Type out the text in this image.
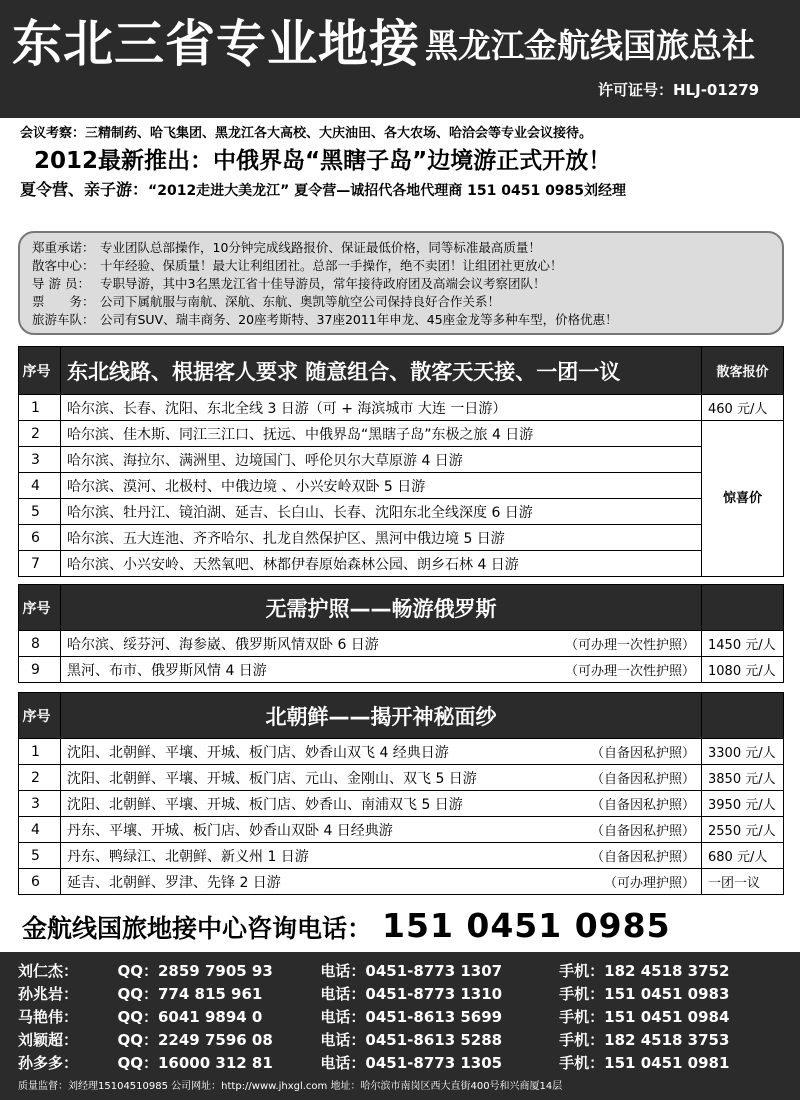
东北三省专业地接 黑龙江金航线国旅总社
许可证号：HLJ-01279
会议考察：三精制药、哈飞集团、黑龙江各大高校、大庆油田、各大农场、哈洽会等专业会议接待。
2012最新推出：中俄界岛“黑瞎子岛”边境游正式开放！
夏令营、亲子游：“2012走进大美龙江” 夏令营—诚招代各地代理商 151 0451 0985刘经理
郑重承诺： 专业团队总部操作，10分钟完成线路报价、保证最低价格，同等标准最高质量！
散客中心： 十年经验、保质量！最大让利组团社。总部一手操作，绝不卖团！让组团社更放心！
导 游 员： 专职导游，其中3名黑龙江省十佳导游员，常年接待政府团及高端会议考察团队！
票　　务： 公司下属航服与南航、深航、东航、奥凯等航空公司保持良好合作关系！
旅游车队： 公司有SUV、瑞丰商务、20座考斯特、37座2011年申龙、45座金龙等多种车型，价格优惠！
序号	东北线路、根据客人要求 随意组合、散客天天接、一团一议	散客报价
1	哈尔滨、长春、沈阳、东北全线 3 日游（可 + 海滨城市 大连 一日游）	460 元/人
2	哈尔滨、佳木斯、同江三江口、抚远、中俄界岛“黑瞎子岛”东极之旅 4 日游	惊喜价
3	哈尔滨、海拉尔、满洲里、边境国门、呼伦贝尔大草原游 4 日游	
4	哈尔滨、漠河、北极村、中俄边境 、小兴安岭双卧 5 日游	
5	哈尔滨、牡丹江、镜泊湖、延吉、长白山、长春、沈阳东北全线深度 6 日游	
6	哈尔滨、五大连池、齐齐哈尔、扎龙自然保护区、黑河中俄边境 5 日游	
7	哈尔滨、小兴安岭、天然氧吧、林都伊春原始森林公园、朗乡石林 4 日游	
序号	无需护照——畅游俄罗斯	
8	哈尔滨、绥芬河、海参崴、俄罗斯风情双卧 6 日游 （可办理一次性护照）	1450 元/人
9	黑河、布市、俄罗斯风情 4 日游 （可办理一次性护照）	1080 元/人
序号	北朝鲜——揭开神秘面纱	
1	沈阳、北朝鲜、平壤、开城、板门店、妙香山双飞 4 经典日游 （自备因私护照）	3300 元/人
2	沈阳、北朝鲜、平壤、开城、板门店、元山、金刚山、双飞 5 日游 （自备因私护照）	3850 元/人
3	沈阳、北朝鲜、平壤、开城、板门店、妙香山、南浦双飞 5 日游 （自备因私护照）	3950 元/人
4	丹东、平壤、开城、板门店、妙香山双卧 4 日经典游 （自备因私护照）	2550 元/人
5	丹东、鸭绿江、北朝鲜、新义州 1 日游 （自备因私护照）	680 元/人
6	延吉、北朝鲜、罗津、先锋 2 日游 （可办理护照）	一团一议
金航线国旅地接中心咨询电话： 151 0451 0985
刘仁杰：	QQ：2859 7905 93	电话：0451-8773 1307	手机：182 4518 3752
孙兆岩：	QQ：774 815 961	电话：0451-8773 1310	手机：151 0451 0983
马艳伟：	QQ：6041 9894 0	电话：0451-8613 5699	手机：151 0451 0984
刘颖超：	QQ：2249 7596 08	电话：0451-8613 5288	手机：182 4518 3753
孙多多：	QQ：16000 312 81	电话：0451-8773 1305	手机：151 0451 0981
质量监督：刘经理15104510985 公司网址：http://www.jhxgl.com 地址：哈尔滨市南岗区西大直街400号和兴商厦14层
